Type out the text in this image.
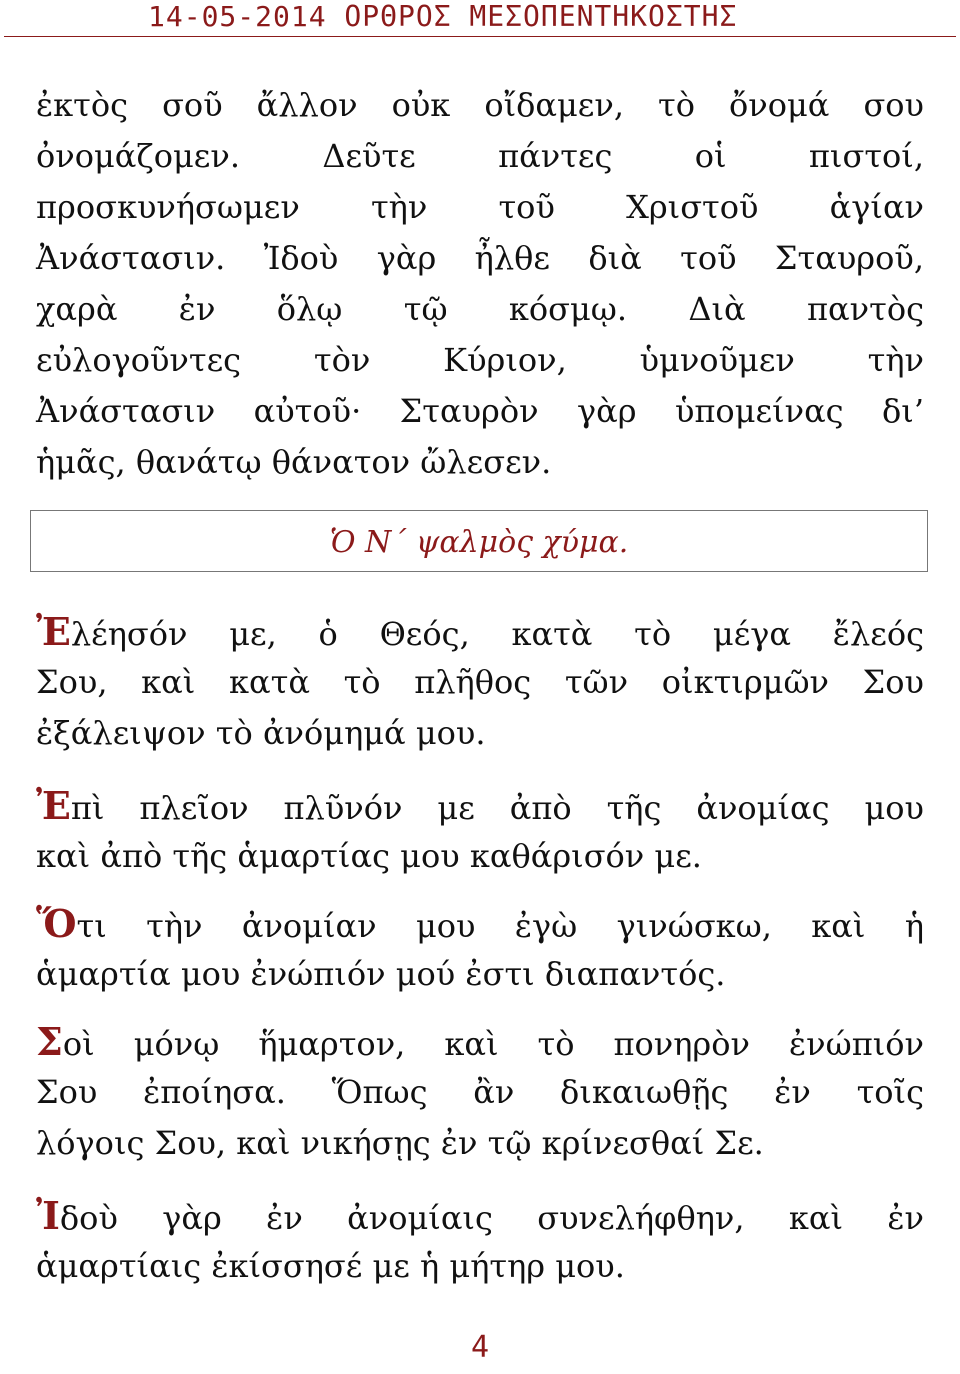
14-05-2014 ΟΡΘΡΟΣ ΜΕΣΟΠΕΝΤΗΚΟΣΤΗΣ
ἐκτὸς σοῦ ἄλλον οὐκ οἴδαμεν, τὸ ὄνομά σου
ὀνομάζομεν. Δεῦτε πάντες οἱ πιστοί,
προσκυνήσωμεν τὴν τοῦ Χριστοῦ ἁγίαν
Ἀνάστασιν. Ἰδοὺ γὰρ ἦλθε διὰ τοῦ Σταυροῦ,
χαρὰ ἐν ὅλῳ τῷ κόσμῳ. Διὰ παντὸς
εὐλογοῦντες τὸν Κύριον, ὑμνοῦμεν τὴν
Ἀνάστασιν αὐτοῦ· Σταυρὸν γὰρ ὑπομείνας δι’
ἡμᾶς, θανάτῳ θάνατον ὤλεσεν.
Ὁ Ν΄ ψαλμὸς χύμα.
Ἐλέησόν με, ὁ Θεός, κατὰ τὸ μέγα ἔλεός
Σου, καὶ κατὰ τὸ πλῆθος τῶν οἰκτιρμῶν Σου
ἐξάλειψον τὸ ἀνόμημά μου.
Ἐπὶ πλεῖον πλῦνόν με ἀπὸ τῆς ἀνομίας μου
καὶ ἀπὸ τῆς ἁμαρτίας μου καθάρισόν με.
Ὅτι τὴν ἀνομίαν μου ἐγὼ γινώσκω, καὶ ἡ
ἁμαρτία μου ἐνώπιόν μού ἐστι διαπαντός.
Σοὶ μόνῳ ἥμαρτον, καὶ τὸ πονηρὸν ἐνώπιόν
Σου ἐποίησα. Ὅπως ἂν δικαιωθῇς ἐν τοῖς
λόγοις Σου, καὶ νικήσῃς ἐν τῷ κρίνεσθαί Σε.
Ἰδοὺ γὰρ ἐν ἀνομίαις συνελήφθην, καὶ ἐν
ἁμαρτίαις ἐκίσσησέ με ἡ μήτηρ μου.
4
